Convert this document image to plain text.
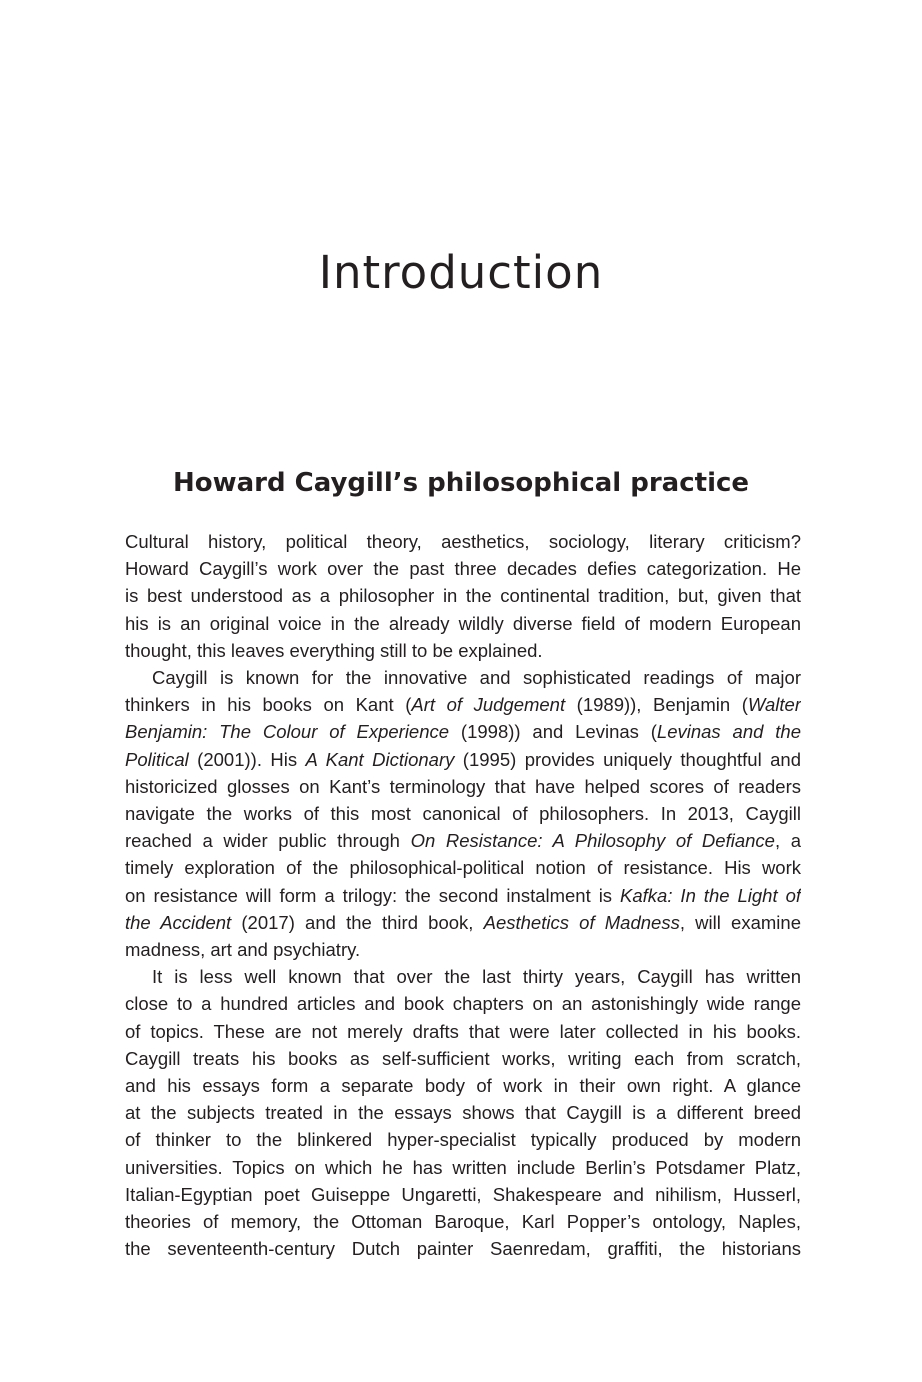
Introduction
Howard Caygill’s philosophical practice
Cultural history, political theory, aesthetics, sociology, literary criticism?
Howard Caygill’s work over the past three decades defies categorization. He
is best understood as a philosopher in the continental tradition, but, given that
his is an original voice in the already wildly diverse field of modern European
thought, this leaves everything still to be explained.
Caygill is known for the innovative and sophisticated readings of major
thinkers in his books on Kant (Art of Judgement (1989)), Benjamin (Walter
Benjamin: The Colour of Experience (1998)) and Levinas (Levinas and the
Political (2001)). His A Kant Dictionary (1995) provides uniquely thoughtful and
historicized glosses on Kant’s terminology that have helped scores of readers
navigate the works of this most canonical of philosophers. In 2013, Caygill
reached a wider public through On Resistance: A Philosophy of Defiance, a
timely exploration of the philosophical-political notion of resistance. His work
on resistance will form a trilogy: the second instalment is Kafka: In the Light of
the Accident (2017) and the third book, Aesthetics of Madness, will examine
madness, art and psychiatry.
It is less well known that over the last thirty years, Caygill has written
close to a hundred articles and book chapters on an astonishingly wide range
of topics. These are not merely drafts that were later collected in his books.
Caygill treats his books as self-sufficient works, writing each from scratch,
and his essays form a separate body of work in their own right. A glance
at the subjects treated in the essays shows that Caygill is a different breed
of thinker to the blinkered hyper-specialist typically produced by modern
universities. Topics on which he has written include Berlin’s Potsdamer Platz,
Italian-Egyptian poet Guiseppe Ungaretti, Shakespeare and nihilism, Husserl,
theories of memory, the Ottoman Baroque, Karl Popper’s ontology, Naples,
the seventeenth-century Dutch painter Saenredam, graffiti, the historians
